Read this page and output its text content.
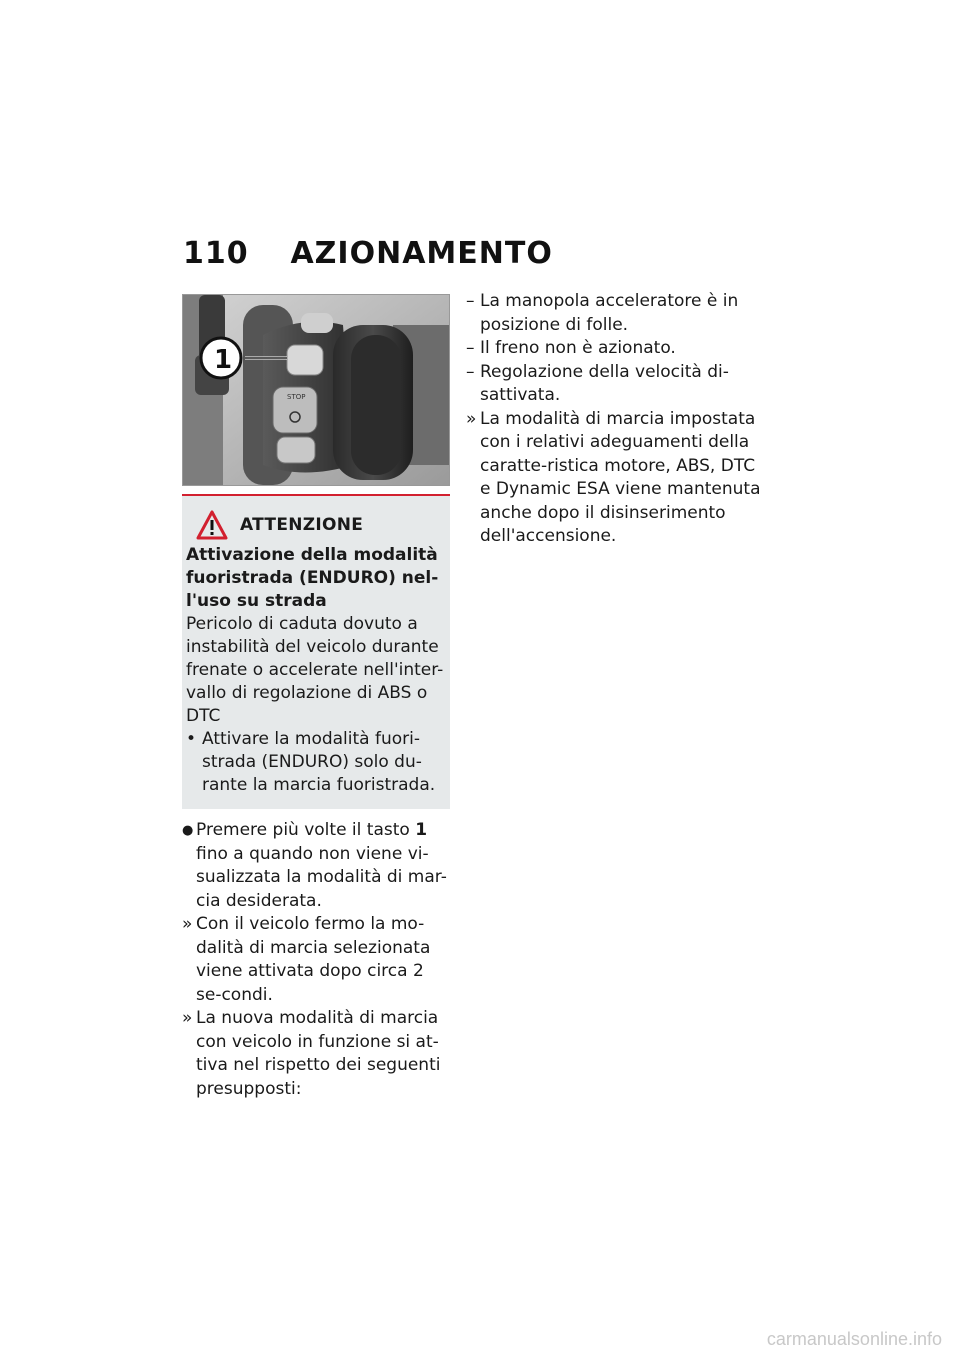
110 AZIONAMENTO
STOP
1
ATTENZIONE
Attivazione della modalità fuoristrada (ENDURO) nel-l'uso su strada
Pericolo di caduta dovuto a instabilità del veicolo durante frenate o accelerate nell'inter-vallo di regolazione di ABS o DTC
• Attivare la modalità fuori-strada (ENDURO) solo du-rante la marcia fuoristrada.
● Premere più volte il tasto 1 fino a quando non viene vi-sualizzata la modalità di mar-cia desiderata.
» Con il veicolo fermo la mo-dalità di marcia selezionata viene attivata dopo circa 2 se-condi.
» La nuova modalità di marcia con veicolo in funzione si at-tiva nel rispetto dei seguenti presupposti:
– La manopola acceleratore è in posizione di folle.
– Il freno non è azionato.
– Regolazione della velocità di-sattivata.
» La modalità di marcia impostata con i relativi adeguamenti della caratte-ristica motore, ABS, DTC e Dynamic ESA viene mantenuta anche dopo il disinserimento dell'accensione.
carmanualsonline.info
